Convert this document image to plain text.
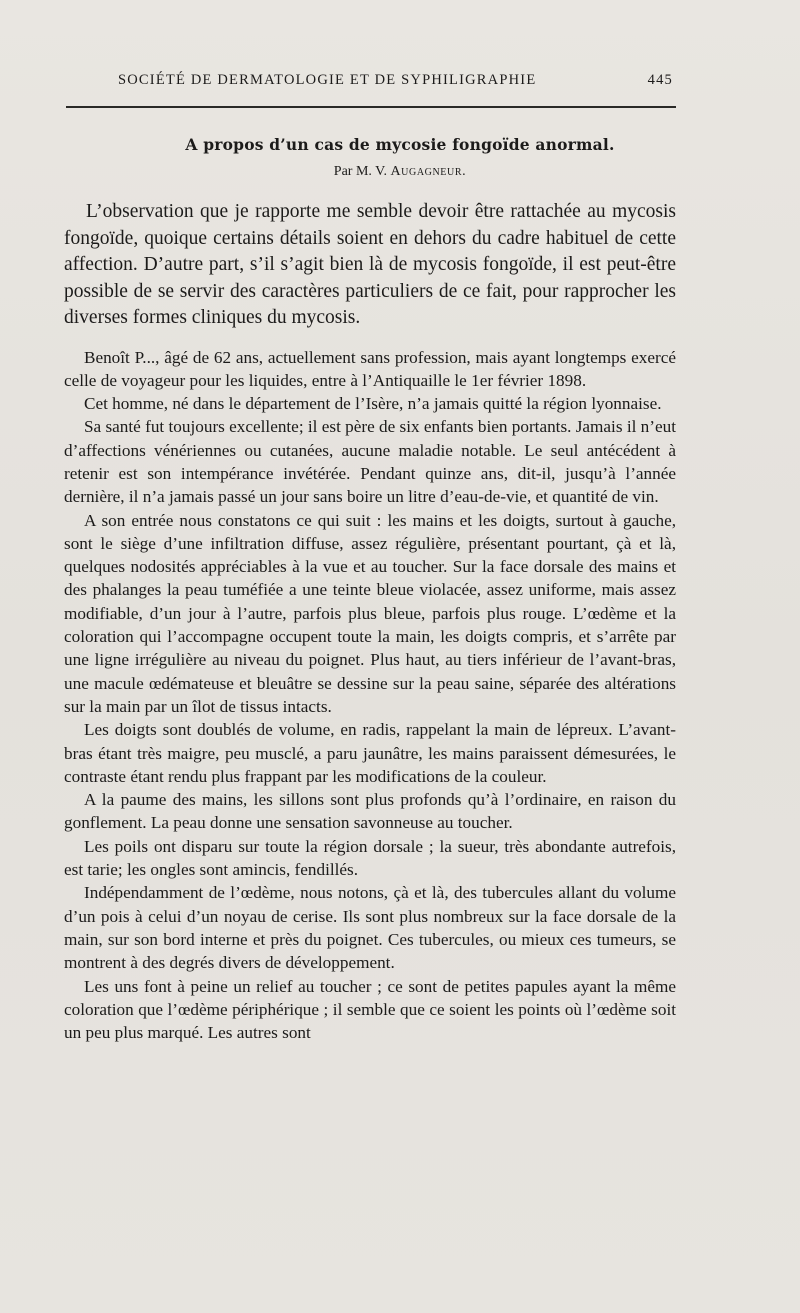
SOCIÉTÉ DE DERMATOLOGIE ET DE SYPHILIGRAPHIE	445
A propos d’un cas de mycosie fongoïde anormal.
Par M. V. Augagneur.

L’observation que je rapporte me semble devoir être rattachée au mycosis fongoïde, quoique certains détails soient en dehors du cadre habituel de cette affection. D’autre part, s’il s’agit bien là de mycosis fongoïde, il est peut-être possible de se servir des caractères particuliers de ce fait, pour rapprocher les diverses formes cliniques du mycosis.

Benoît P..., âgé de 62 ans, actuellement sans profession, mais ayant longtemps exercé celle de voyageur pour les liquides, entre à l’Antiquaille le 1er février 1898.

Cet homme, né dans le département de l’Isère, n’a jamais quitté la région lyonnaise.

Sa santé fut toujours excellente; il est père de six enfants bien portants. Jamais il n’eut d’affections vénériennes ou cutanées, aucune maladie notable. Le seul antécédent à retenir est son intempérance invétérée. Pendant quinze ans, dit-il, jusqu’à l’année dernière, il n’a jamais passé un jour sans boire un litre d’eau-de-vie, et quantité de vin.

A son entrée nous constatons ce qui suit : les mains et les doigts, surtout à gauche, sont le siège d’une infiltration diffuse, assez régulière, présentant pourtant, çà et là, quelques nodosités appréciables à la vue et au toucher. Sur la face dorsale des mains et des phalanges la peau tuméfiée a une teinte bleue violacée, assez uniforme, mais assez modifiable, d’un jour à l’autre, parfois plus bleue, parfois plus rouge. L’œdème et la coloration qui l’accompagne occupent toute la main, les doigts compris, et s’arrête par une ligne irrégulière au niveau du poignet. Plus haut, au tiers inférieur de l’avant-bras, une macule œdémateuse et bleuâtre se dessine sur la peau saine, séparée des altérations sur la main par un îlot de tissus intacts.

Les doigts sont doublés de volume, en radis, rappelant la main de lépreux. L’avant-bras étant très maigre, peu musclé, a paru jaunâtre, les mains paraissent démesurées, le contraste étant rendu plus frappant par les modifications de la couleur.

A la paume des mains, les sillons sont plus profonds qu’à l’ordinaire, en raison du gonflement. La peau donne une sensation savonneuse au toucher.

Les poils ont disparu sur toute la région dorsale ; la sueur, très abondante autrefois, est tarie; les ongles sont amincis, fendillés.

Indépendamment de l’œdème, nous notons, çà et là, des tubercules allant du volume d’un pois à celui d’un noyau de cerise. Ils sont plus nombreux sur la face dorsale de la main, sur son bord interne et près du poignet. Ces tubercules, ou mieux ces tumeurs, se montrent à des degrés divers de développement.

Les uns font à peine un relief au toucher ; ce sont de petites papules ayant la même coloration que l’œdème périphérique ; il semble que ce soient les points où l’œdème soit un peu plus marqué. Les autres sont
